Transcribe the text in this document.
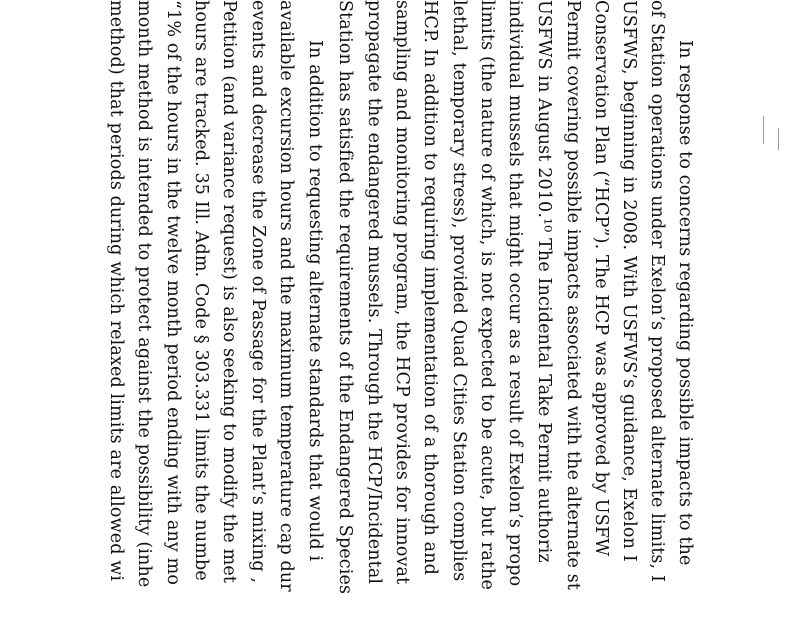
In response to concerns regarding possible impacts to the
of Station operations under Exelon’s proposed alternate limits, I
USFWS, beginning in 2008. With USFWS’s guidance, Exelon I
Conservation Plan (“HCP”). The HCP was approved by USFW
Permit covering possible impacts associated with the alternate st
USFWS in August 2010.¹⁰ The Incidental Take Permit authoriz
individual mussels that might occur as a result of Exelon’s propo
limits (the nature of which, is not expected to be acute, but rathe
lethal, temporary stress), provided Quad Cities Station complies
HCP. In addition to requiring implementation of a thorough and
sampling and monitoring program, the HCP provides for innovat
propagate the endangered mussels. Through the HCP/Incidental
Station has satisfied the requirements of the Endangered Species
In addition to requesting alternate standards that would i
available excursion hours and the maximum temperature cap dur
events and decrease the Zone of Passage for the Plant’s mixing ,
Petition (and variance request) is also seeking to modify the met
hours are tracked. 35 Ill. Adm. Code § 303.331 limits the numbe
“1% of the hours in the twelve month period ending with any mo
month method is intended to protect against the possibility (inhe
method) that periods during which relaxed limits are allowed wi
